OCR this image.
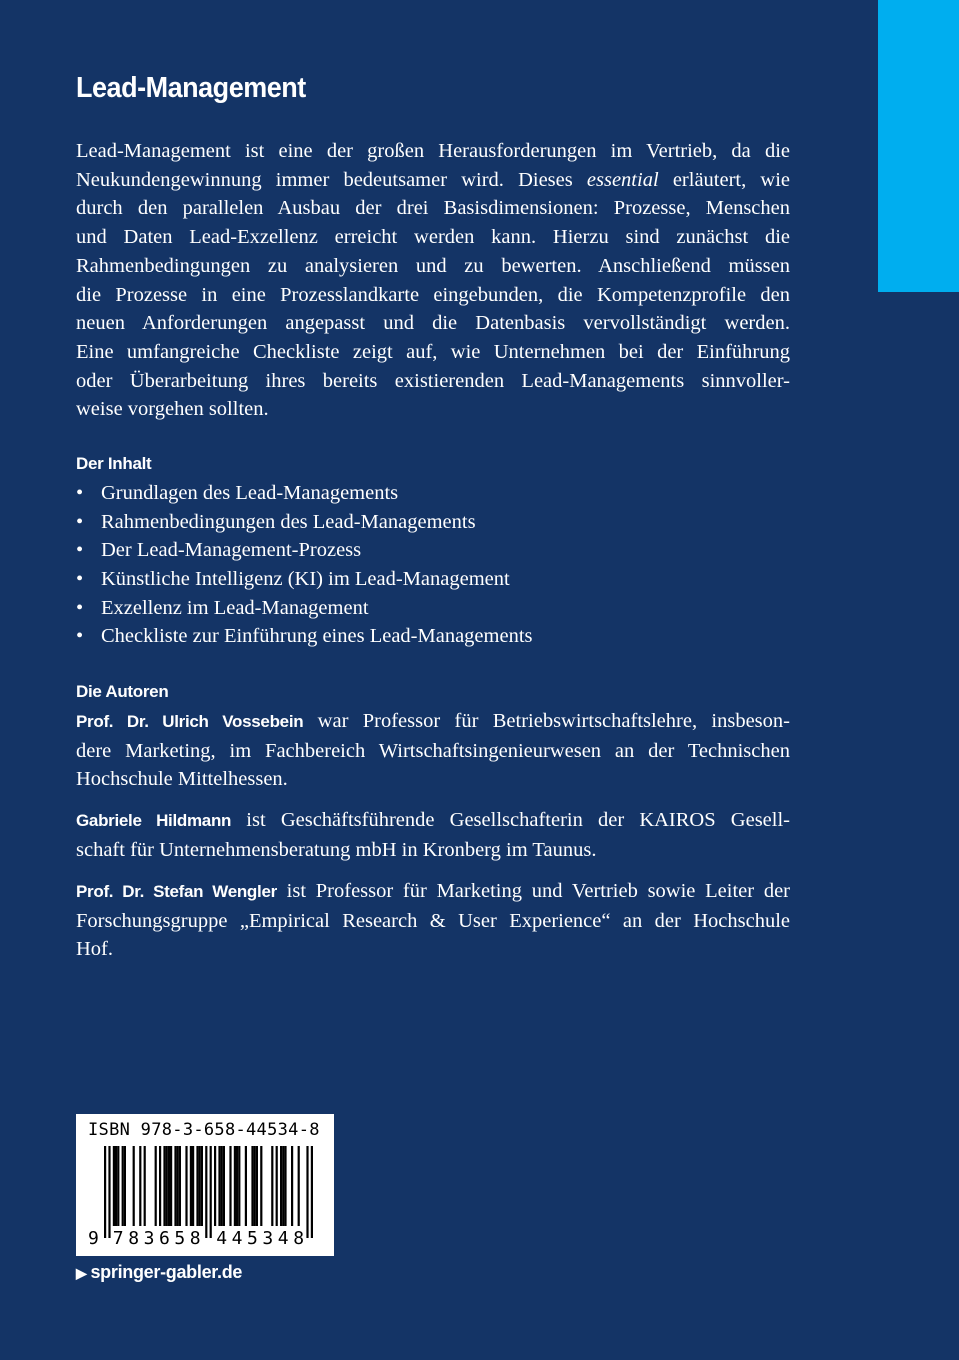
Lead-Management
Lead-Management ist eine der großen Herausforderungen im Vertrieb, da die
Neukundengewinnung immer bedeutsamer wird. Dieses essential erläutert, wie
durch den parallelen Ausbau der drei Basisdimensionen: Prozesse, Menschen
und Daten Lead-Exzellenz erreicht werden kann. Hierzu sind zunächst die
Rahmenbedingungen zu analysieren und zu bewerten. Anschließend müssen
die Prozesse in eine Prozesslandkarte eingebunden, die Kompetenzprofile den
neuen Anforderungen angepasst und die Datenbasis vervollständigt werden.
Eine umfangreiche Checkliste zeigt auf, wie Unternehmen bei der Einführung
oder Überarbeitung ihres bereits existierenden Lead-Managements sinnvoller-
weise vorgehen sollten.
Der Inhalt
• Grundlagen des Lead-Managements
• Rahmenbedingungen des Lead-Managements
• Der Lead-Management-Prozess
• Künstliche Intelligenz (KI) im Lead-Management
• Exzellenz im Lead-Management
• Checkliste zur Einführung eines Lead-Managements
Die Autoren
Prof. Dr. Ulrich Vossebein war Professor für Betriebswirtschaftslehre, insbeson-
dere Marketing, im Fachbereich Wirtschaftsingenieurwesen an der Technischen
Hochschule Mittelhessen.
Gabriele Hildmann ist Geschäftsführende Gesellschafterin der KAIROS Gesell-
schaft für Unternehmensberatung mbH in Kronberg im Taunus.
Prof. Dr. Stefan Wengler ist Professor für Marketing und Vertrieb sowie Leiter der
Forschungsgruppe „Empirical Research & User Experience“ an der Hochschule
Hof.
ISBN 978-3-658-44534-8
9 7 8 3 6 5 8 4 4 5 3 4 8
▶ springer-gabler.de
